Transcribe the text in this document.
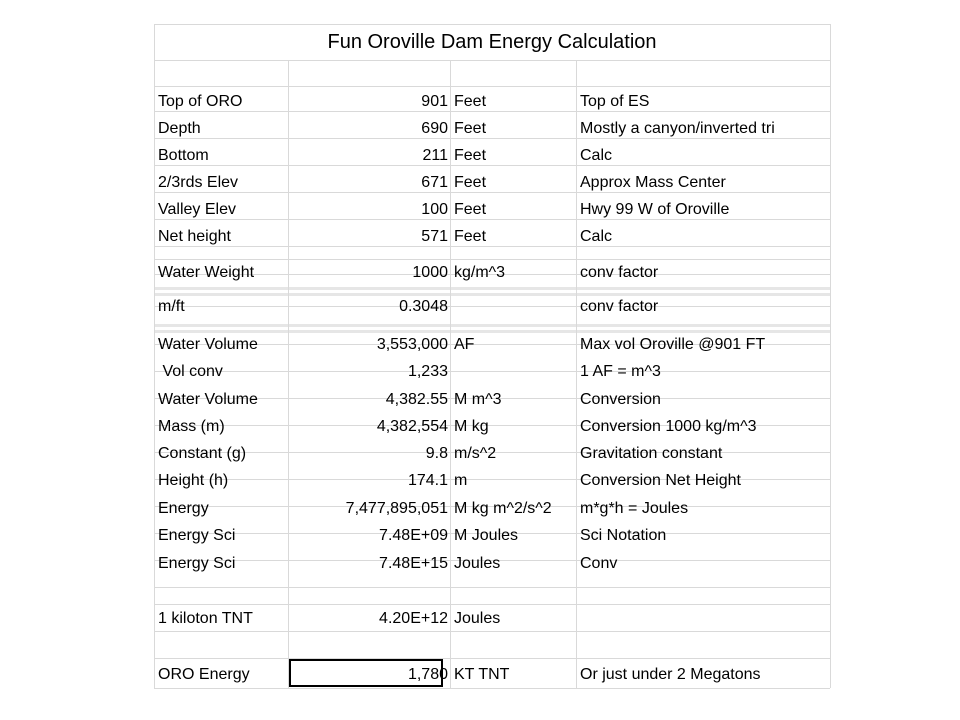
Fun Oroville Dam Energy Calculation
Top of ORO	901 Feet	Top of ES
Depth	690 Feet	Mostly a canyon/inverted tri
Bottom	211 Feet	Calc
2/3rds Elev	671 Feet	Approx Mass Center
Valley Elev	100 Feet	Hwy 99 W of Oroville
Net height	571 Feet	Calc
Water Weight	1000 kg/m^3	conv factor
m/ft	0.3048	conv factor
Water Volume	3,553,000 AF	Max vol Oroville @901 FT
Vol conv	1,233	1 AF = m^3
Water Volume	4,382.55 M m^3	Conversion
Mass (m)	4,382,554 M kg	Conversion 1000 kg/m^3
Constant (g)	9.8 m/s^2	Gravitation constant
Height (h)	174.1 m	Conversion Net Height
Energy	7,477,895,051 M kg m^2/s^2	m*g*h = Joules
Energy Sci	7.48E+09 M Joules	Sci Notation
Energy Sci	7.48E+15 Joules	Conv
1 kiloton TNT	4.20E+12 Joules
ORO Energy	1,780 KT TNT	Or just under 2 Megatons
